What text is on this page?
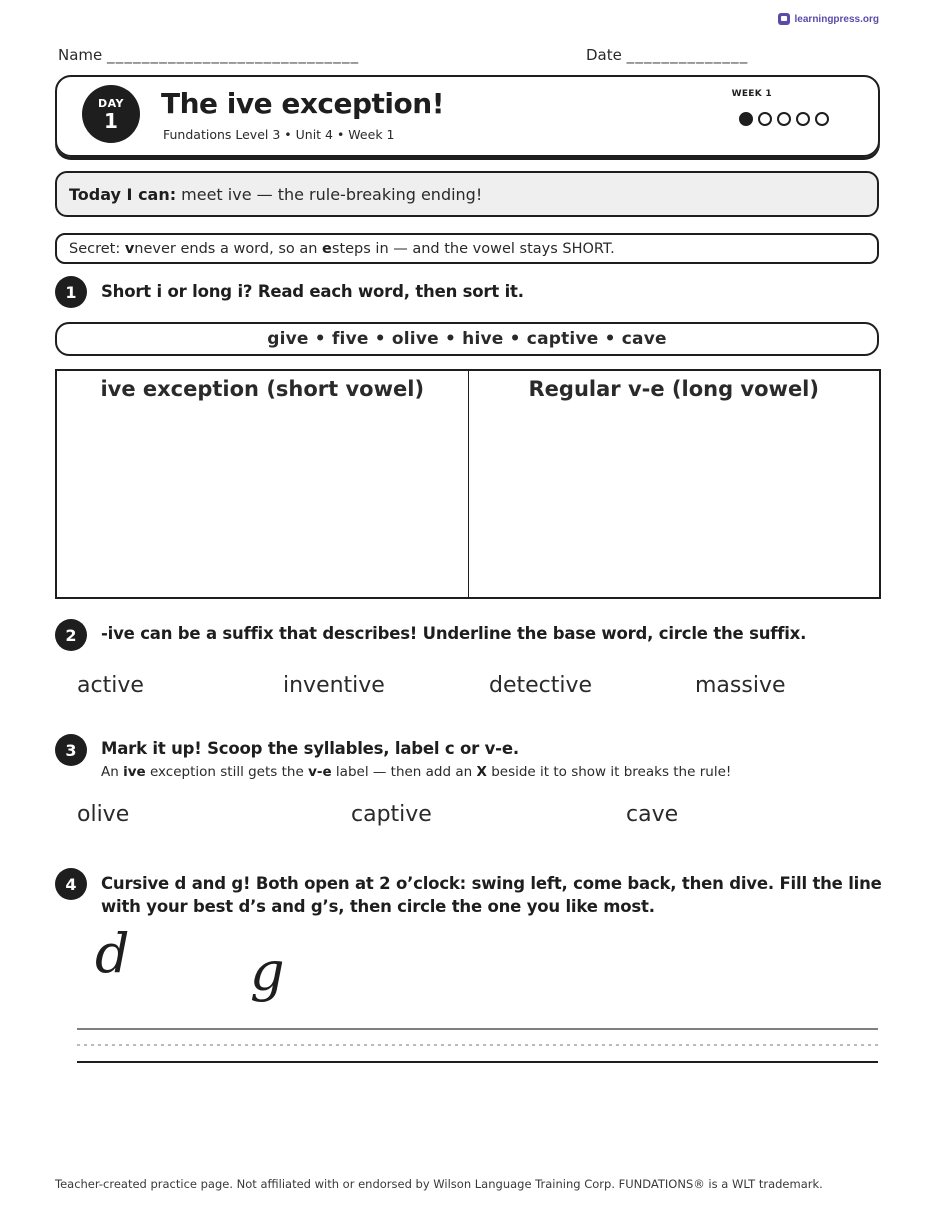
learningpress.org
Name _____________________________	Date ______________
DAY
1
The ive exception!
Fundations Level 3 • Unit 4 • Week 1
WEEK 1
Today I can: meet ive — the rule-breaking ending!
Secret:
v never ends a word, so an
e steps in — and the vowel stays SHORT.
1	Short i or long i? Read each word, then sort it.
give • five • olive • hive • captive • cave
ive exception (short vowel)	Regular v-e (long vowel)
2	-ive can be a suffix that describes! Underline the base word, circle the suffix.
active	inventive	detective	massive
3	Mark it up! Scoop the syllables, label c or v-e.
An ive exception still gets the v-e label — then add an X beside it to show it breaks the rule!
olive	captive	cave
4	Cursive d and g! Both open at 2 o’clock: swing left, come back, then dive. Fill the line
with your best d’s and g’s, then circle the one you like most.
d g
Teacher-created practice page. Not affiliated with or endorsed by Wilson Language Training Corp. FUNDATIONS® is a WLT trademark.
